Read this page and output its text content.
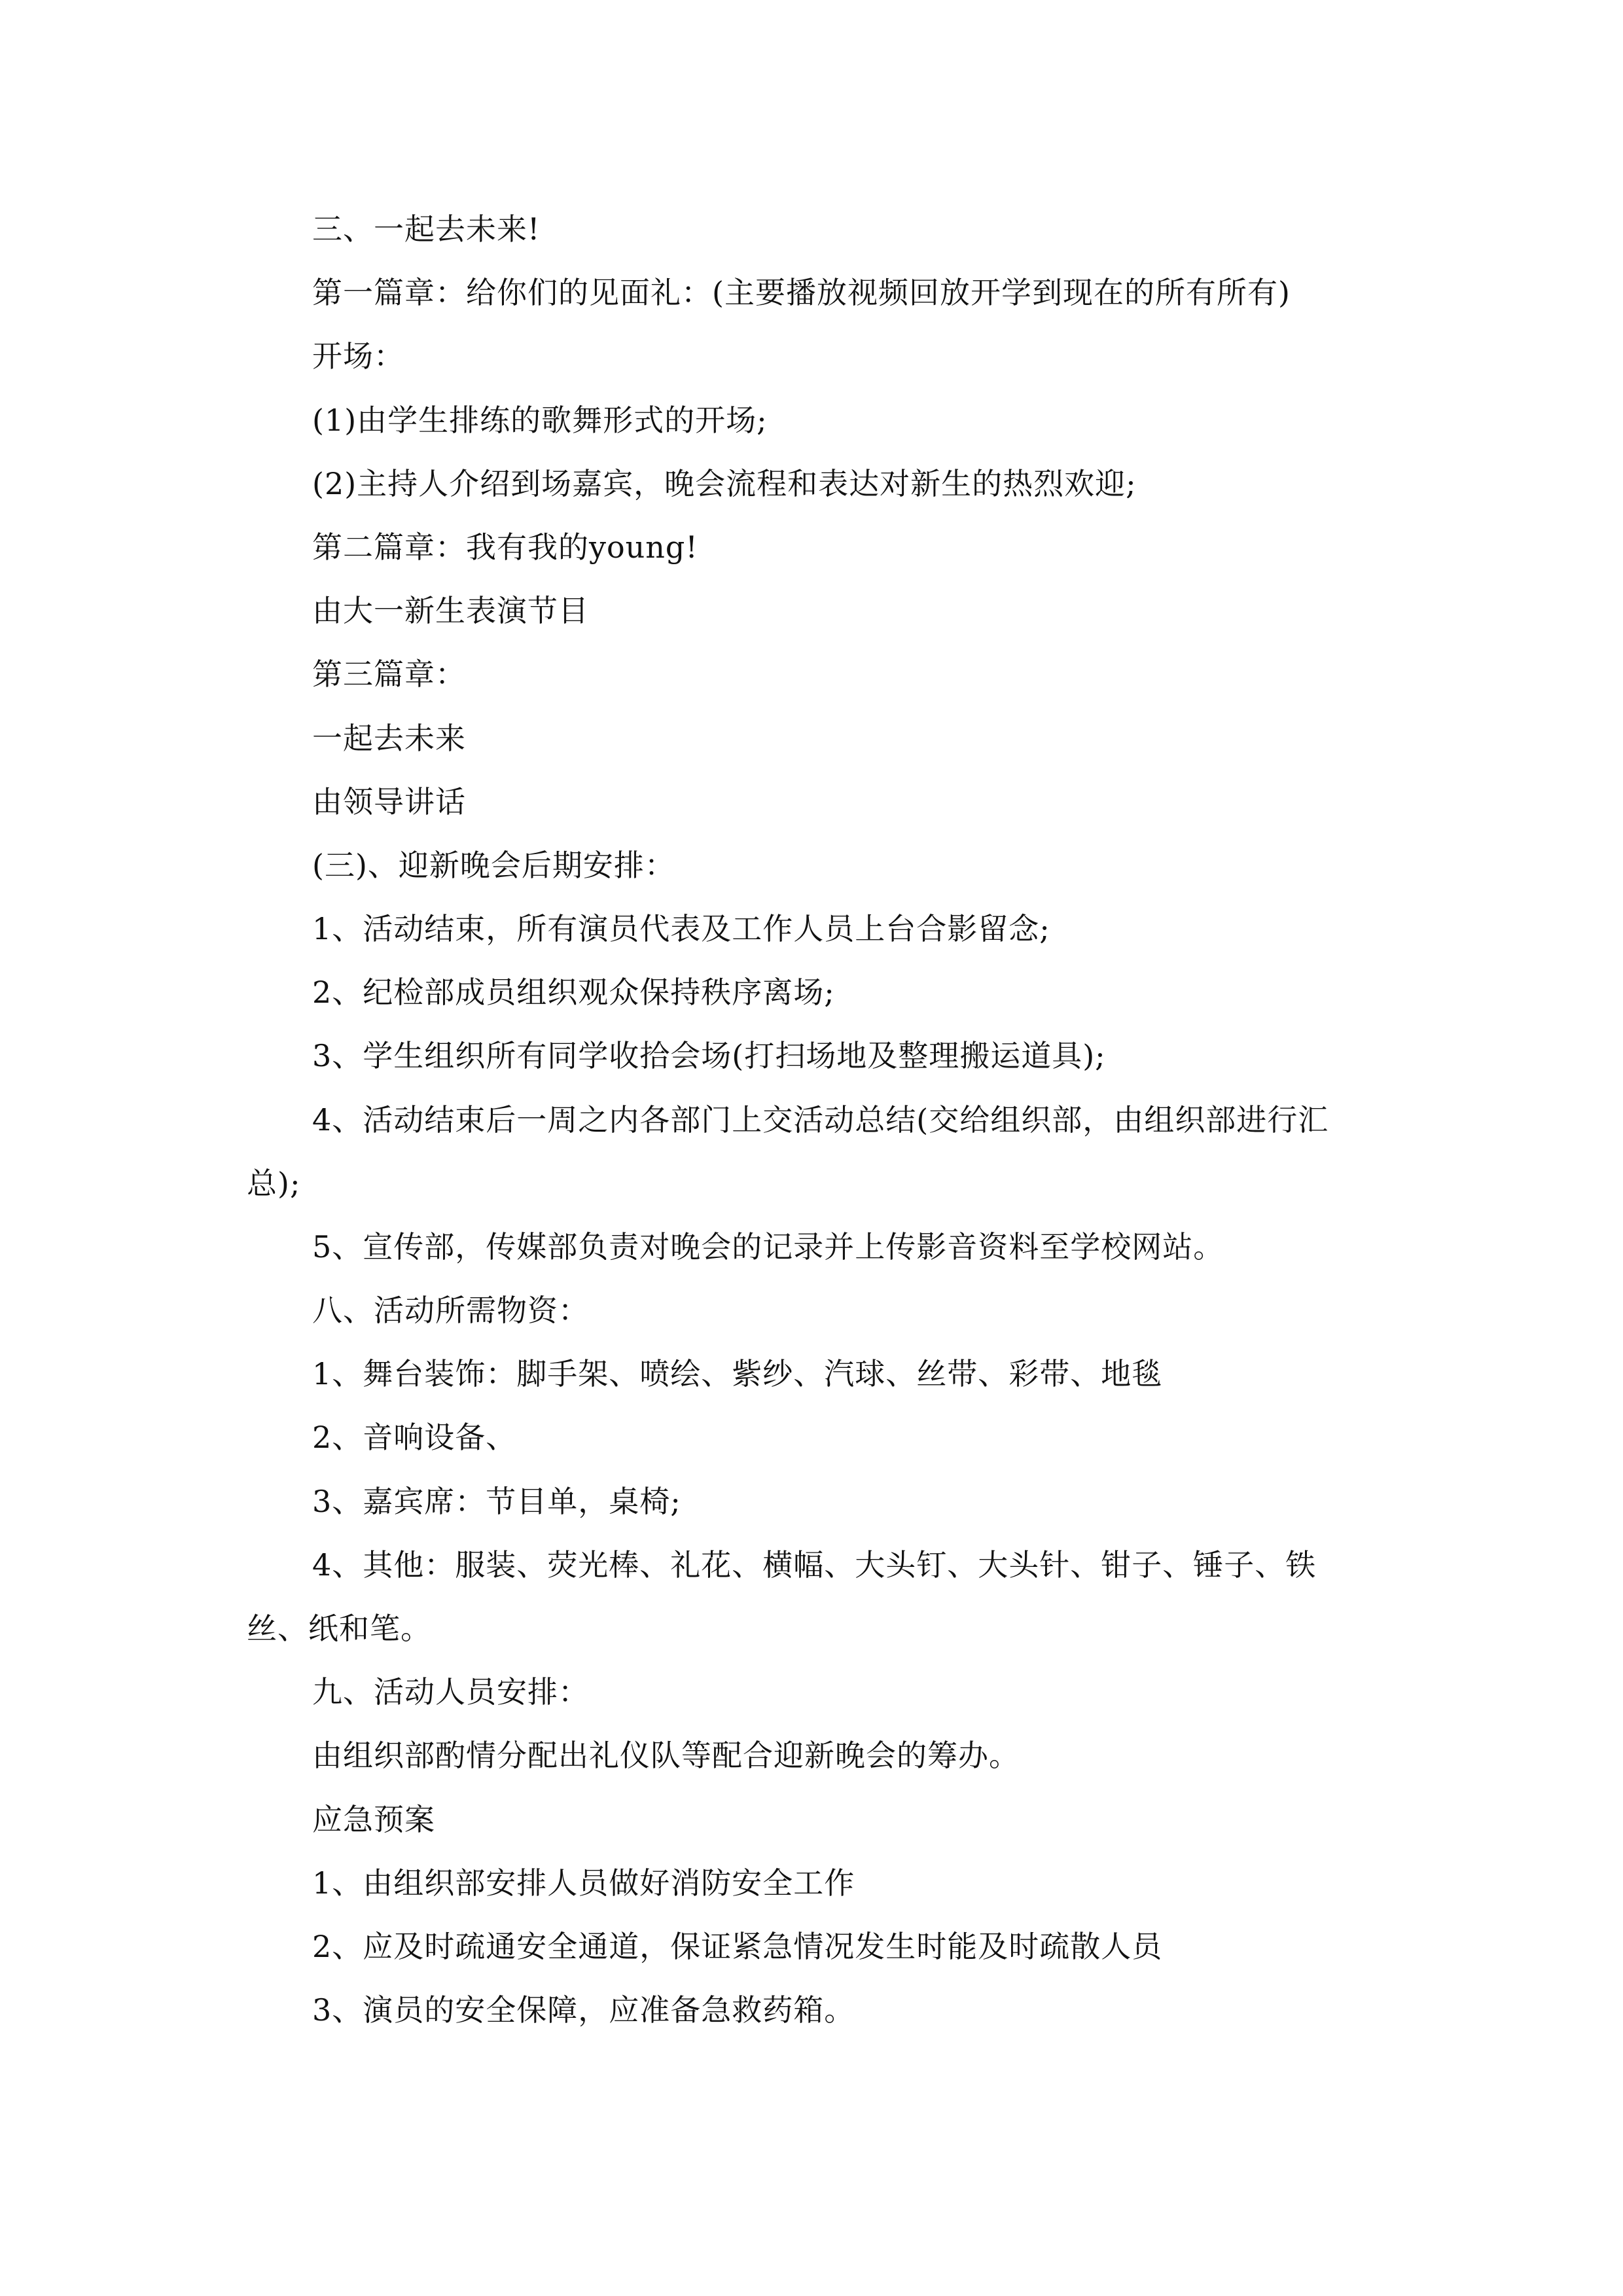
三、一起去未来!
第一篇章：给你们的见面礼：(主要播放视频回放开学到现在的所有所有)
开场：
(1)由学生排练的歌舞形式的开场;
(2)主持人介绍到场嘉宾，晚会流程和表达对新生的热烈欢迎;
第二篇章：我有我的young!
由大一新生表演节目
第三篇章：
一起去未来
由领导讲话
(三)、迎新晚会后期安排：
1、活动结束，所有演员代表及工作人员上台合影留念;
2、纪检部成员组织观众保持秩序离场;
3、学生组织所有同学收拾会场(打扫场地及整理搬运道具);
4、活动结束后一周之内各部门上交活动总结(交给组织部，由组织部进行汇
总);
5、宣传部，传媒部负责对晚会的记录并上传影音资料至学校网站。
八、活动所需物资：
1、舞台装饰：脚手架、喷绘、紫纱、汽球、丝带、彩带、地毯
2、音响设备、
3、嘉宾席：节目单，桌椅;
4、其他：服装、荧光棒、礼花、横幅、大头钉、大头针、钳子、锤子、铁
丝、纸和笔。
九、活动人员安排：
由组织部酌情分配出礼仪队等配合迎新晚会的筹办。
应急预案
1、由组织部安排人员做好消防安全工作
2、应及时疏通安全通道，保证紧急情况发生时能及时疏散人员
3、演员的安全保障，应准备急救药箱。
